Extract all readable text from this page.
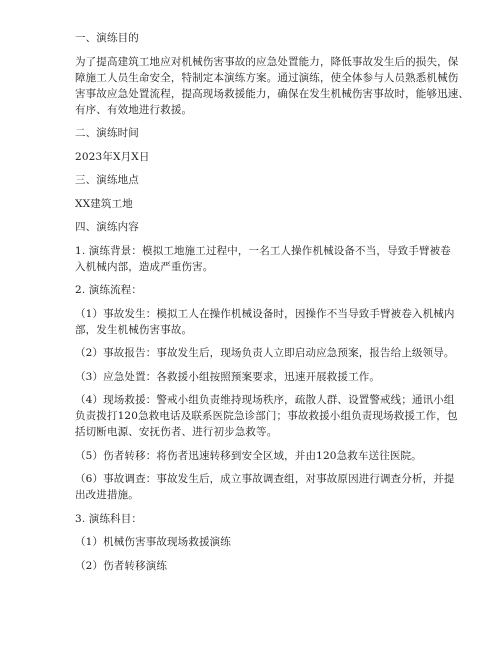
一、演练目的
为了提高建筑工地应对机械伤害事故的应急处置能力，降低事故发生后的损失，保
障施工人员生命安全，特制定本演练方案。通过演练，使全体参与人员熟悉机械伤
害事故应急处置流程，提高现场救援能力，确保在发生机械伤害事故时，能够迅速、
有序、有效地进行救援。
二、演练时间
2023年X月X日
三、演练地点
XX建筑工地
四、演练内容
1. 演练背景：模拟工地施工过程中，一名工人操作机械设备不当，导致手臂被卷
入机械内部，造成严重伤害。
2. 演练流程：
（1）事故发生：模拟工人在操作机械设备时，因操作不当导致手臂被卷入机械内
部，发生机械伤害事故。
（2）事故报告：事故发生后，现场负责人立即启动应急预案，报告给上级领导。
（3）应急处置：各救援小组按照预案要求，迅速开展救援工作。
（4）现场救援：警戒小组负责维持现场秩序，疏散人群、设置警戒线；通讯小组
负责拨打120急救电话及联系医院急诊部门；事故救援小组负责现场救援工作，包
括切断电源、安抚伤者、进行初步急救等。
（5）伤者转移：将伤者迅速转移到安全区域，并由120急救车送往医院。
（6）事故调查：事故发生后，成立事故调查组，对事故原因进行调查分析，并提
出改进措施。
3. 演练科目：
（1）机械伤害事故现场救援演练
（2）伤者转移演练
